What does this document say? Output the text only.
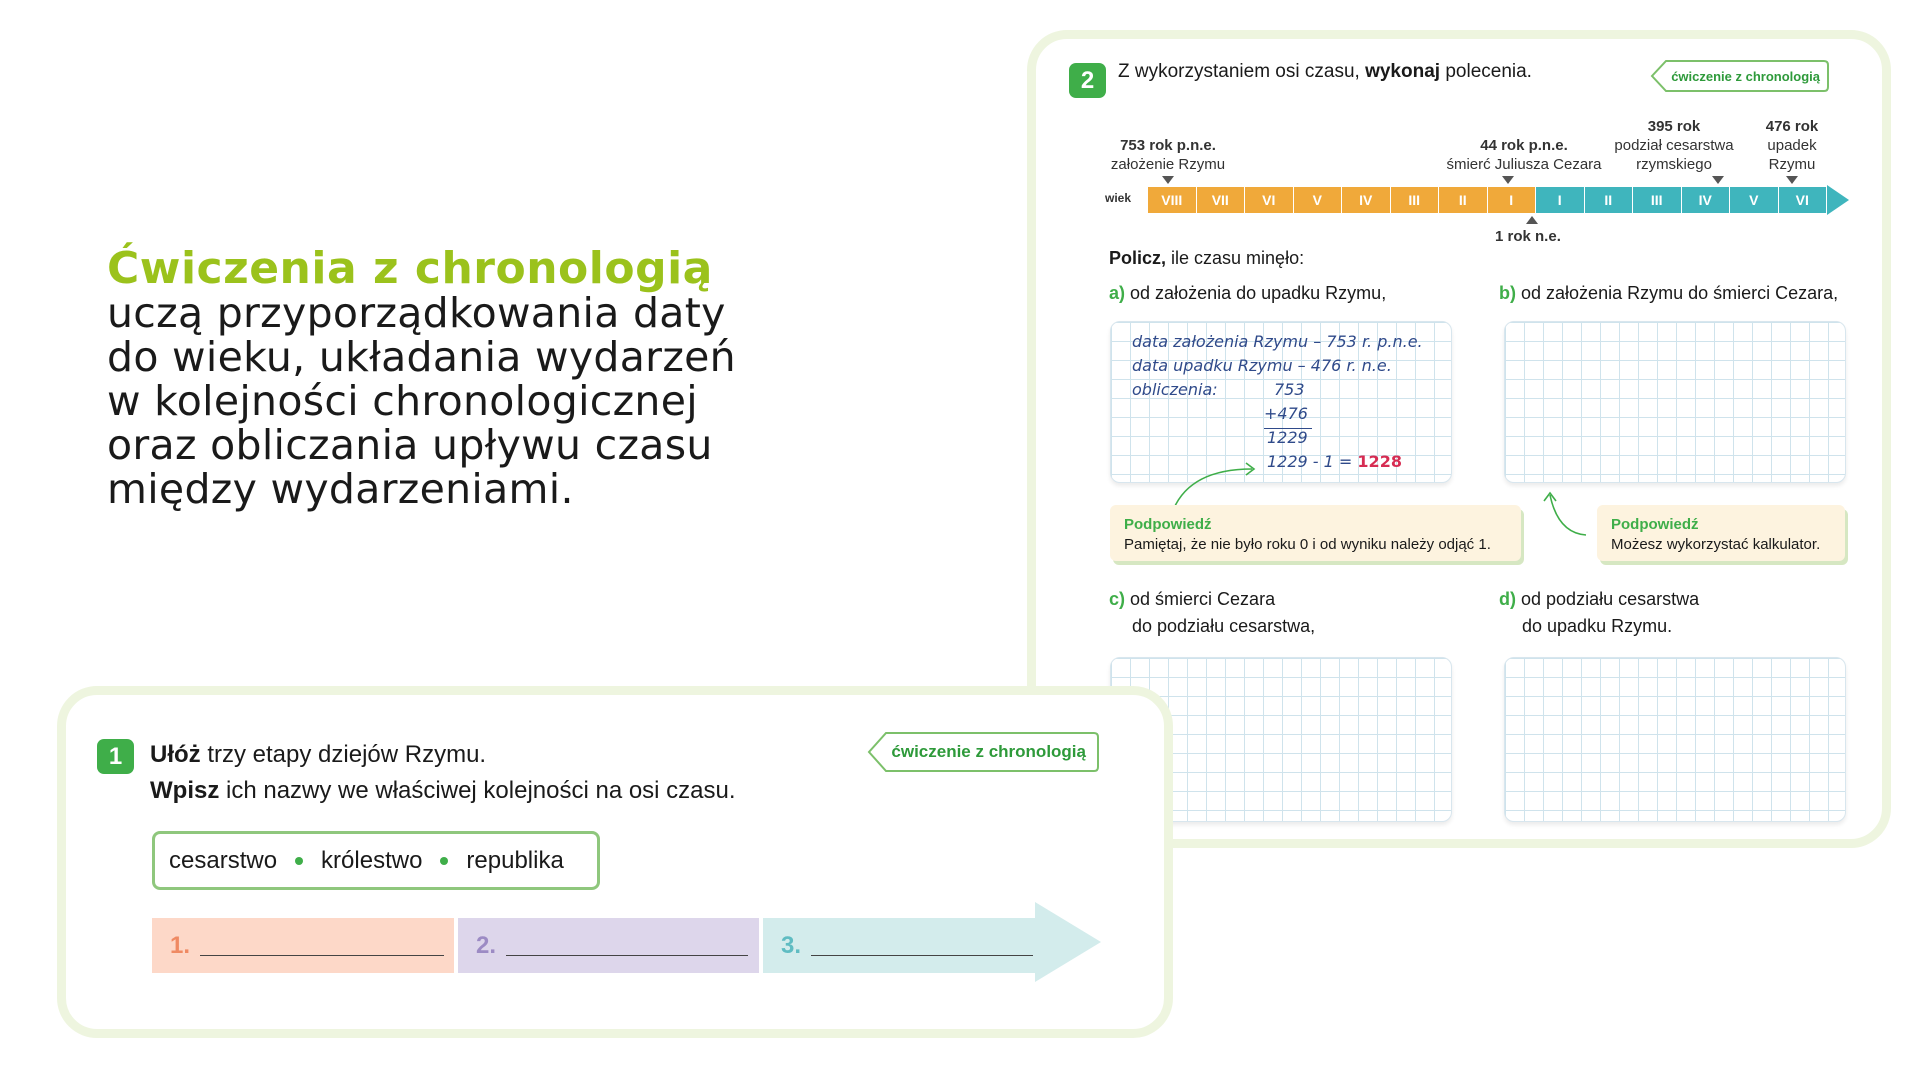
Ćwiczenia z chronologią
uczą przyporządkowania daty
do wieku, układania wydarzeń
w kolejności chronologicznej
oraz obliczania upływu czasu
między wydarzeniami.
2	Z wykorzystaniem osi czasu, wykonaj polecenia.	ćwiczenie z chronologią
753 rok p.n.e.
założenie Rzymu
44 rok p.n.e.
śmierć Juliusza Cezara
395 rok
podział cesarstwa
rzymskiego
476 rok
upadek
Rzymu
wiek	VIII	VII	VI	V	IV	III	II	I	I	II	III	IV	V	VI
1 rok n.e.
Policz, ile czasu minęło:
a) od założenia do upadku Rzymu,	b) od założenia Rzymu do śmierci Cezara,
data założenia Rzymu – 753 r. p.n.e.
data upadku Rzymu – 476 r. n.e.
obliczenia:	753
+476
1229
1229 - 1 = 1228
Podpowiedź
Pamiętaj, że nie było roku 0 i od wyniku należy odjąć 1.
Podpowiedź
Możesz wykorzystać kalkulator.
c) od śmierci Cezara
do podziału cesarstwa,
d) od podziału cesarstwa
do upadku Rzymu.
1	Ułóż trzy etapy dziejów Rzymu.
Wpisz ich nazwy we właściwej kolejności na osi czasu.
ćwiczenie z chronologią
cesarstwo królestwo republika
1.	2.	3.
